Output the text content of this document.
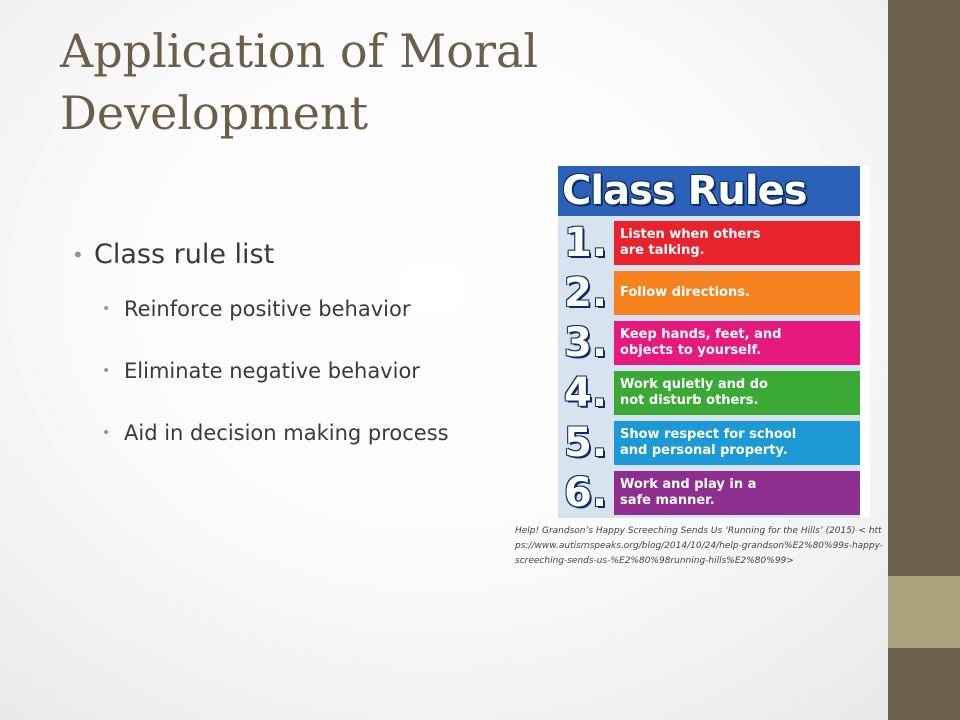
Application of Moral Development
• Class rule list
• Reinforce positive behavior
• Eliminate negative behavior
• Aid in decision making process
Class Rules
1. Listen when others
are talking.
2. Follow directions.
3. Keep hands, feet, and
objects to yourself.
4. Work quietly and do
not disturb others.
5. Show respect for school
and personal property.
6. Work and play in a
safe manner.
Help! Grandson’s Happy Screeching Sends Us ‘Running for the Hills’ (2015) < https://www.autismspeaks.org/blog/2014/10/24/help-grandson%E2%80%99s-happy-screeching-sends-us-%E2%80%98running-hills%E2%80%99>
